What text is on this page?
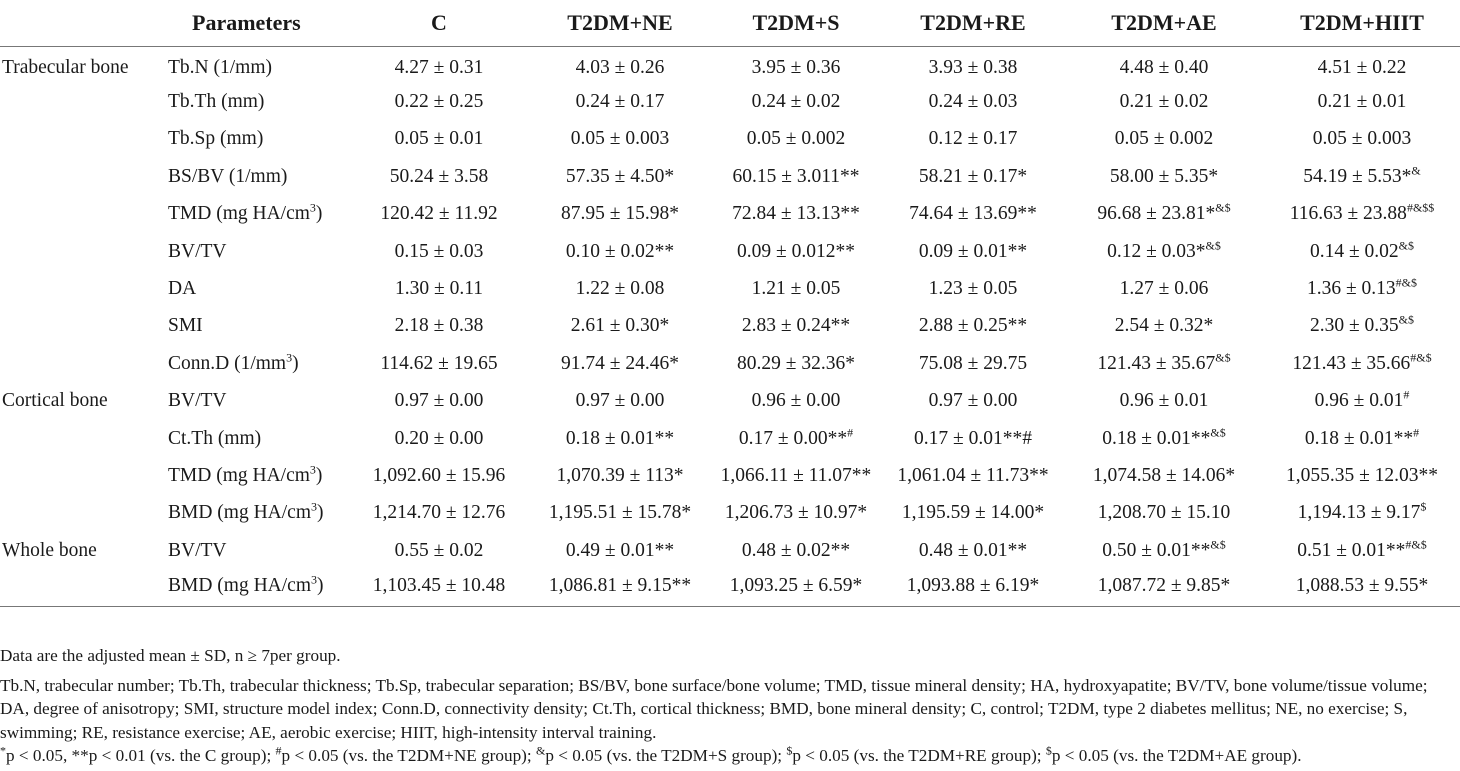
	Parameters	C	T2DM+NE	T2DM+S	T2DM+RE	T2DM+AE	T2DM+HIIT
Trabecular bone	Tb.N (1/mm)	4.27 ± 0.31	4.03 ± 0.26	3.95 ± 0.36	3.93 ± 0.38	4.48 ± 0.40	4.51 ± 0.22
	Tb.Th (mm)	0.22 ± 0.25	0.24 ± 0.17	0.24 ± 0.02	0.24 ± 0.03	0.21 ± 0.02	0.21 ± 0.01
	Tb.Sp (mm)	0.05 ± 0.01	0.05 ± 0.003	0.05 ± 0.002	0.12 ± 0.17	0.05 ± 0.002	0.05 ± 0.003
	BS/BV (1/mm)	50.24 ± 3.58	57.35 ± 4.50*	60.15 ± 3.011**	58.21 ± 0.17*	58.00 ± 5.35*	54.19 ± 5.53*&
	TMD (mg $HA/cm^3$)	120.42 ± 11.92	87.95 ± 15.98*	72.84 ± 13.13**	74.64 ± 13.69**	96.68 ± 23.81*&$	116.63 ± 23.88#&$$
	BV/TV	0.15 ± 0.03	0.10 ± 0.02**	0.09 ± 0.012**	0.09 ± 0.01**	0.12 ± 0.03*&$	0.14 ± 0.02&$
	DA	1.30 ± 0.11	1.22 ± 0.08	1.21 ± 0.05	1.23 ± 0.05	1.27 ± 0.06	1.36 ± 0.13#&$
	SMI	2.18 ± 0.38	2.61 ± 0.30*	2.83 ± 0.24**	2.88 ± 0.25**	2.54 ± 0.32*	2.30 ± 0.35&$
	Conn.D $(1/mm^3)$	114.62 ± 19.65	91.74 ± 24.46*	80.29 ± 32.36*	75.08 ± 29.75	121.43 ± 35.67&$	121.43 ± 35.66#&$
Cortical bone	BV/TV	0.97 ± 0.00	0.97 ± 0.00	0.96 ± 0.00	0.97 ± 0.00	0.96 ± 0.01	0.96 ± 0.01#
	Ct.Th (mm)	0.20 ± 0.00	0.18 ± 0.01**	0.17 ± 0.00**#	0.17 ± 0.01**#	0.18 ± 0.01**&$	0.18 ± 0.01**#
	TMD (mg $HA/cm^3$)	1,092.60 ± 15.96	1,070.39 ± 113*	1,066.11 ± 11.07**	1,061.04 ± 11.73**	1,074.58 ± 14.06*	1,055.35 ± 12.03**
	BMD (mg $HA/cm^3$)	1,214.70 ± 12.76	1,195.51 ± 15.78*	1,206.73 ± 10.97*	1,195.59 ± 14.00*	1,208.70 ± 15.10	1,194.13 ± 9.17$
Whole bone	BV/TV	0.55 ± 0.02	0.49 ± 0.01**	0.48 ± 0.02**	0.48 ± 0.01**	0.50 ± 0.01**&$	0.51 ± 0.01**#&$
	BMD (mg $HA/cm^3$)	1,103.45 ± 10.48	1,086.81 ± 9.15**	1,093.25 ± 6.59*	1,093.88 ± 6.19*	1,087.72 ± 9.85*	1,088.53 ± 9.55*

Data are the adjusted mean ± SD, n ≥ 7per group.

Tb.N, trabecular number; Tb.Th, trabecular thickness; Tb.Sp, trabecular separation; BS/BV, bone surface/bone volume; TMD, tissue mineral density; HA, hydroxyapatite; BV/TV, bone volume/tissue volume; DA, degree of anisotropy; SMI, structure model index; Conn.D, connectivity density; Ct.Th, cortical thickness; BMD, bone mineral density; C, control; T2DM, type 2 diabetes mellitus; NE, no exercise; S, swimming; RE, resistance exercise; AE, aerobic exercise; HIIT, high-intensity interval training.

*p < 0.05, **p < 0.01 (vs. the C group); #p < 0.05 (vs. the T2DM+NE group); &p < 0.05 (vs. the T2DM+S group); $p < 0.05 (vs. the T2DM+RE group); $p < 0.05 (vs. the T2DM+AE group).
